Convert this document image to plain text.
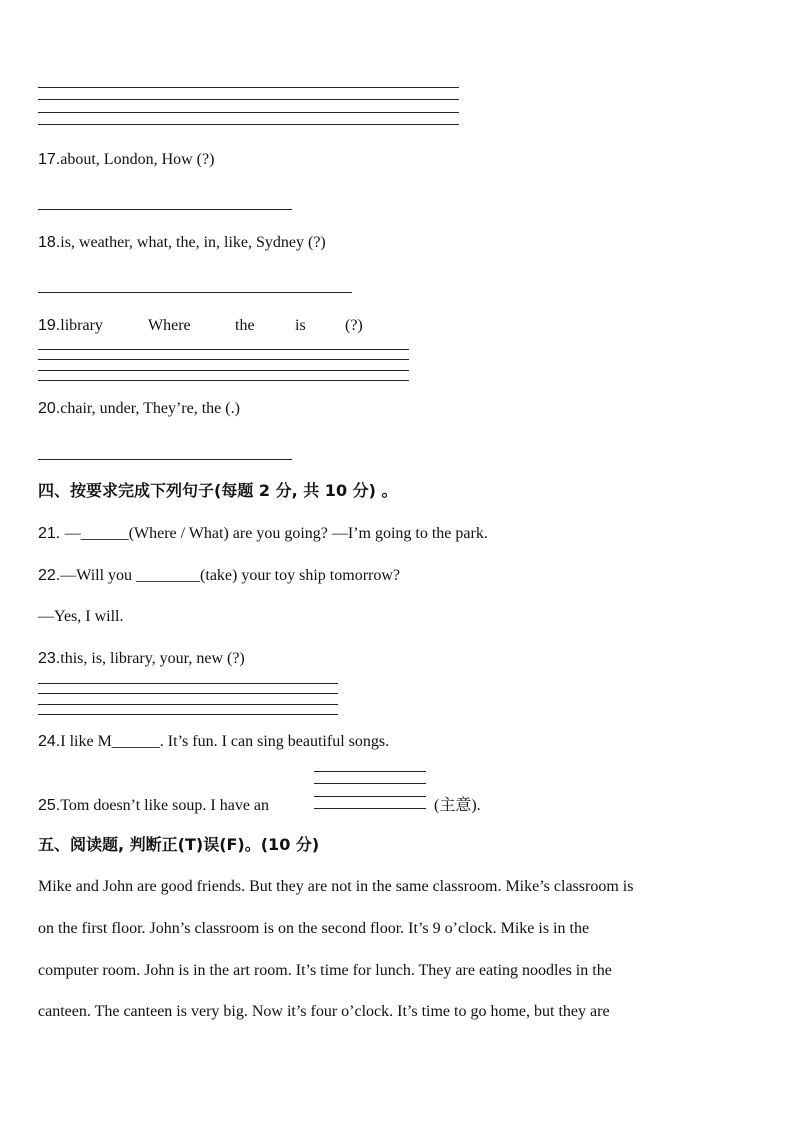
17.about, London, How (?)
18.is, weather, what, the, in, like, Sydney (?)
19.library	Where	the	is (?)
20.chair, under, They’re, the (.)
四、按要求完成下列句子(每题 2 分, 共 10 分) 。
21. —______(Where / What) are you going? —I’m going to the park.
22.—Will you ________(take) your toy ship tomorrow?
—Yes, I will.
23.this, is, library, your, new (?)
24.I like M______. It’s fun. I can sing beautiful songs.
25.Tom doesn’t like soup. I have an	(主意).
五、阅读题, 判断正(T)误(F)。(10 分)
Mike and John are good friends. But they are not in the same classroom. Mike’s classroom is
on the first floor. John’s classroom is on the second floor. It’s 9 o’clock. Mike is in the
computer room. John is in the art room. It’s time for lunch. They are eating noodles in the
canteen. The canteen is very big. Now it’s four o’clock. It’s time to go home, but they are
